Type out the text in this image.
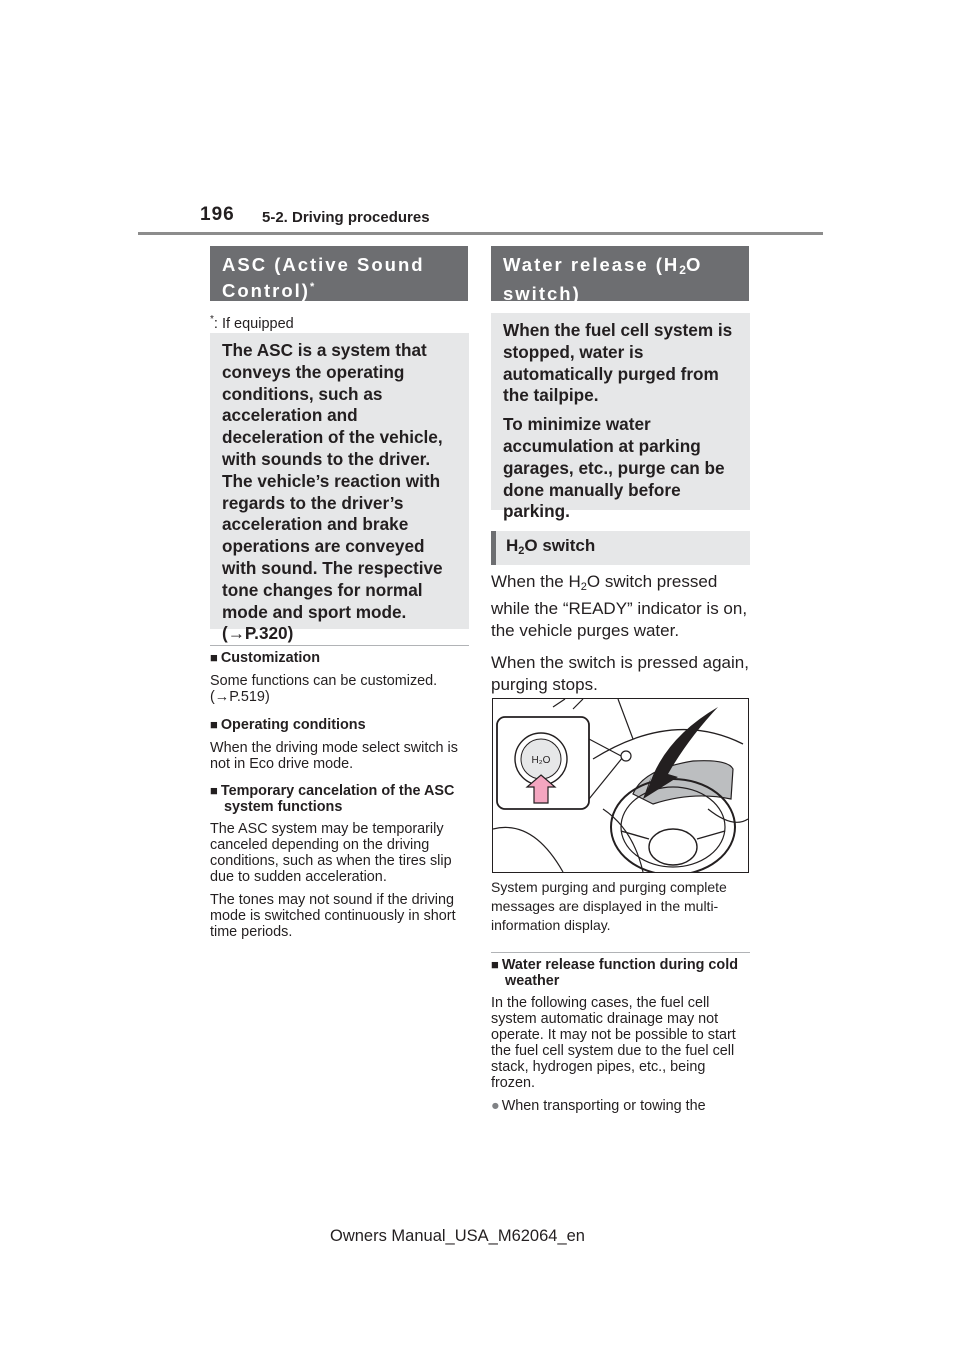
196 5-2. Driving procedures
ASC (Active Sound Control)*
*: If equipped

The ASC is a system that conveys the operating conditions, such as acceleration and deceleration of the vehicle, with sounds to the driver. The vehicle’s reaction with regards to the driver’s acceleration and brake operations are conveyed with sound. The respective tone changes for normal mode and sport mode. (→P.320)

■ Customization

Some functions can be customized.
(→P.519)

■ Operating conditions

When the driving mode select switch is not in Eco drive mode.

■ Temporary cancelation of the ASC system functions

The ASC system may be temporarily canceled depending on the driving conditions, such as when the tires slip due to sudden acceleration.

The tones may not sound if the driving mode is switched continuously in short time periods.

Water release ($H_2O$ switch)

When the fuel cell system is stopped, water is automatically purged from the tailpipe.

To minimize water accumulation at parking garages, etc., purge can be done manually before parking.

$H_2O$ switch

When the $H_2O$ switch pressed while the “READY” indicator is on, the vehicle purges water.

When the switch is pressed again, purging stops.

H₂O
System purging and purging complete messages are displayed in the multi-information display.

■ Water release function during cold weather

In the following cases, the fuel cell system automatic drainage may not operate. It may not be possible to start the fuel cell system due to the fuel cell stack, hydrogen pipes, etc., being frozen.

● When transporting or towing the

Owners Manual_USA_M62064_en
